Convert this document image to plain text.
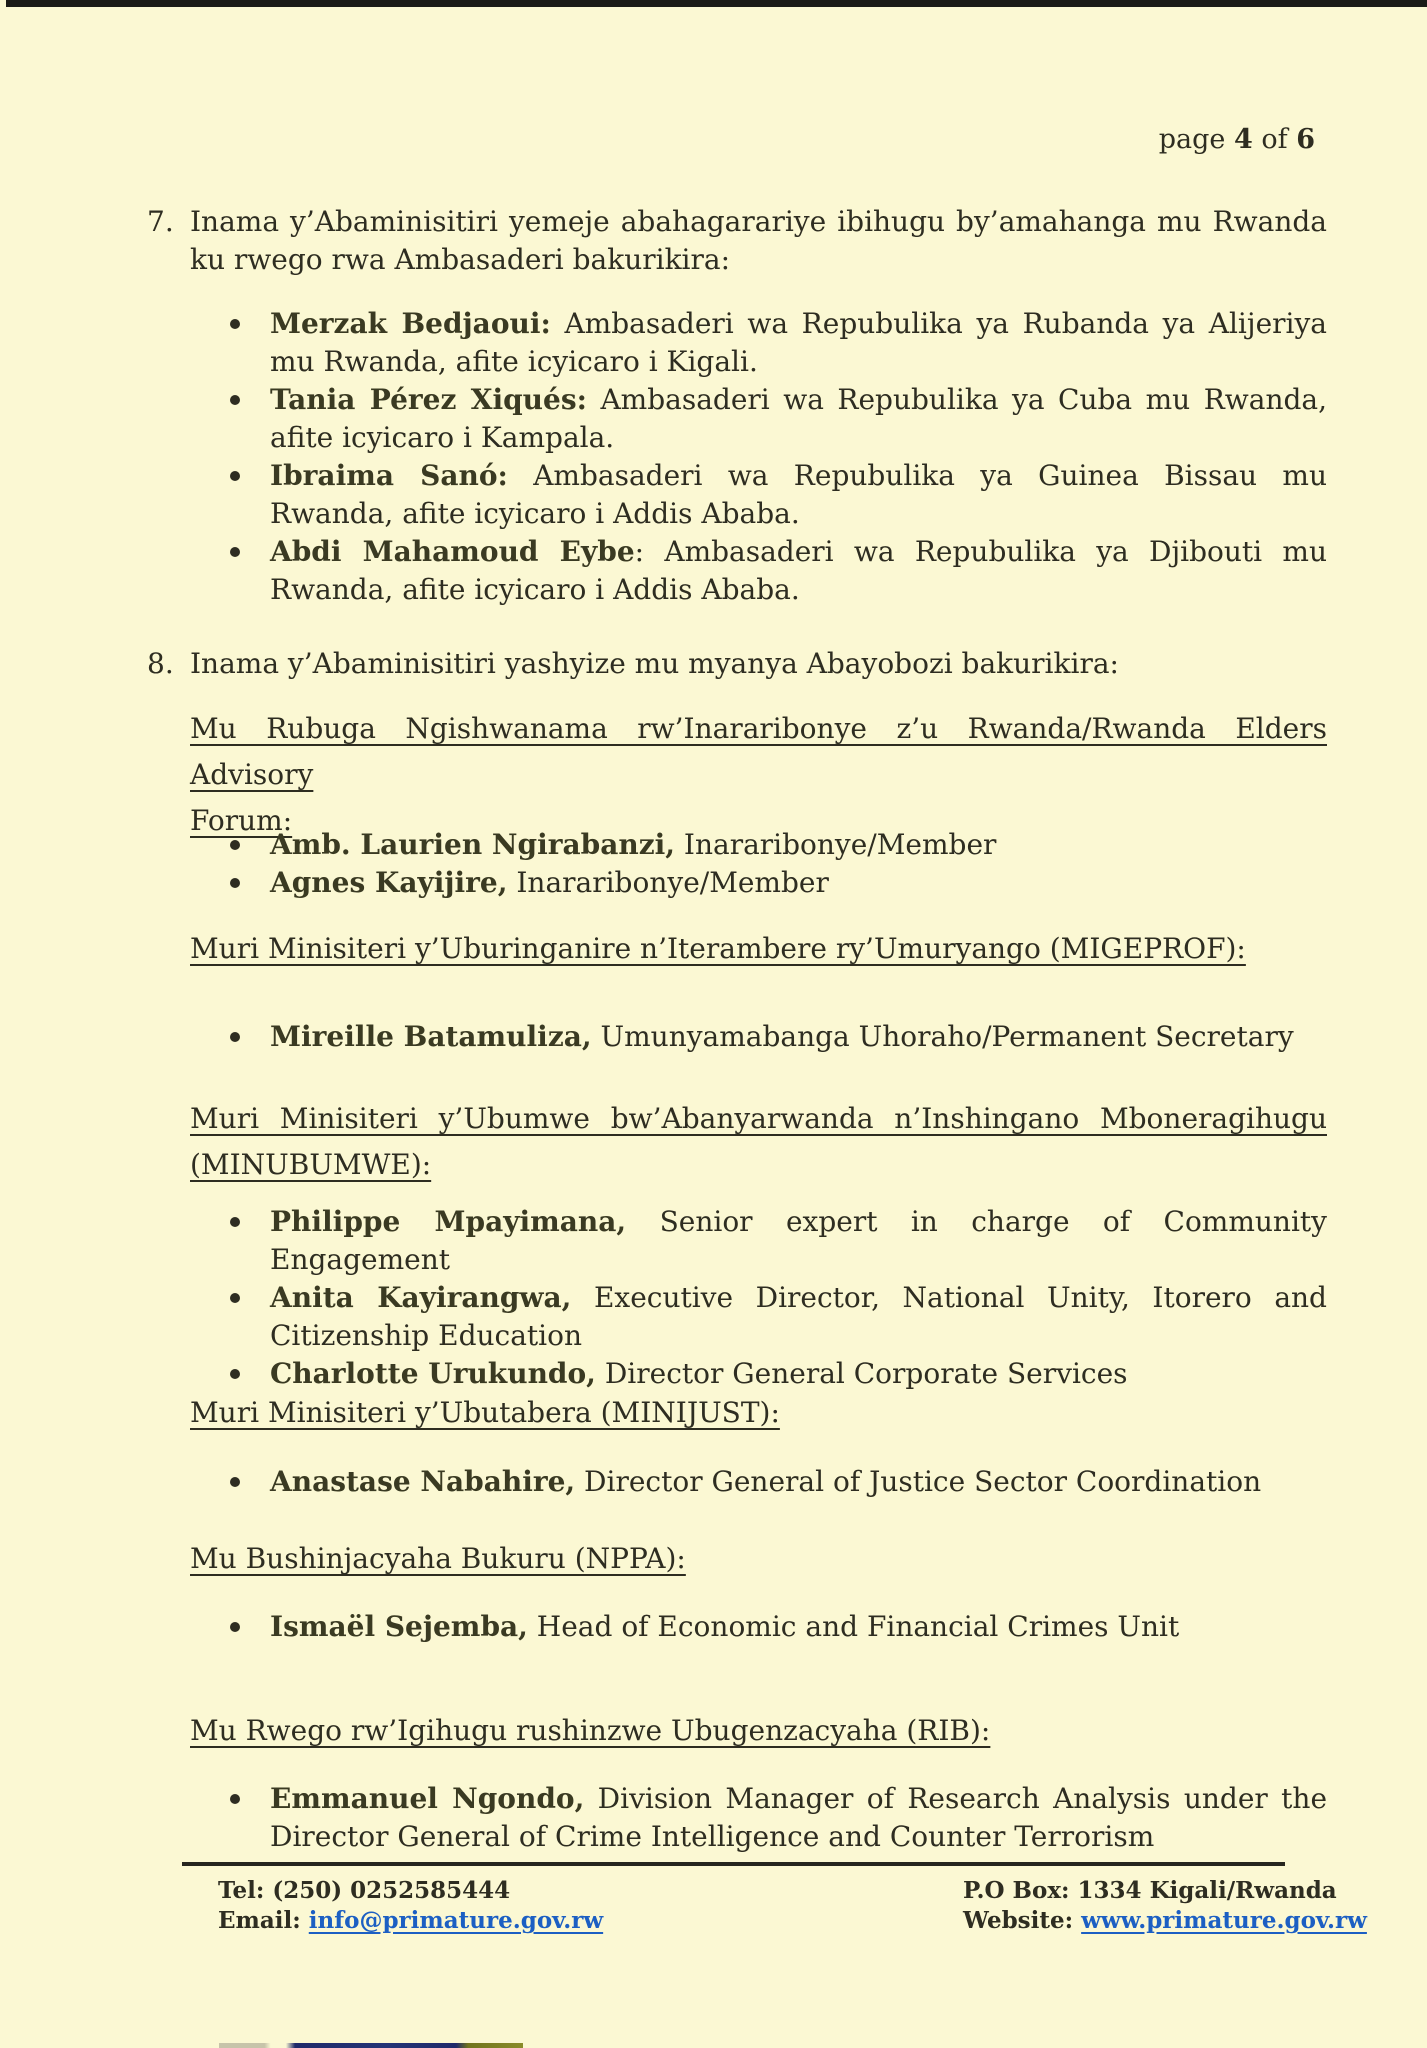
page 4 of 6
7. Inama y’Abaminisitiri yemeje abahagarariye ibihugu by’amahanga mu Rwanda ku rwego rwa Ambasaderi bakurikira:
Merzak Bedjaoui: Ambasaderi wa Repubulika ya Rubanda ya Alijeriya mu Rwanda, afite icyicaro i Kigali.
Tania Pérez Xiqués: Ambasaderi wa Repubulika ya Cuba mu Rwanda, afite icyicaro i Kampala.
Ibraima Sanó: Ambasaderi wa Repubulika ya Guinea Bissau mu Rwanda, afite icyicaro i Addis Ababa.
Abdi Mahamoud Eybe: Ambasaderi wa Repubulika ya Djibouti mu Rwanda, afite icyicaro i Addis Ababa.
8. Inama y’Abaminisitiri yashyize mu myanya Abayobozi bakurikira:
Mu Rubuga Ngishwanama rw’Inararibonye z’u Rwanda/Rwanda Elders Advisory
Forum:
Amb. Laurien Ngirabanzi, Inararibonye/Member
Agnes Kayijire, Inararibonye/Member
Muri Minisiteri y’Uburinganire n’Iterambere ry’Umuryango (MIGEPROF):
Mireille Batamuliza, Umunyamabanga Uhoraho/Permanent Secretary
Muri Minisiteri y’Ubumwe bw’Abanyarwanda n’Inshingano Mboneragihugu
(MINUBUMWE):
Philippe Mpayimana, Senior expert in charge of Community Engagement
Anita Kayirangwa, Executive Director, National Unity, Itorero and Citizenship Education
Charlotte Urukundo, Director General Corporate Services
Muri Minisiteri y’Ubutabera (MINIJUST):
Anastase Nabahire, Director General of Justice Sector Coordination
Mu Bushinjacyaha Bukuru (NPPA):
Ismaël Sejemba, Head of Economic and Financial Crimes Unit
Mu Rwego rw’Igihugu rushinzwe Ubugenzacyaha (RIB):
Emmanuel Ngondo, Division Manager of Research Analysis under the Director General of Crime Intelligence and Counter Terrorism
Tel: (250) 0252585444
Email: info@primature.gov.rw
P.O Box: 1334 Kigali/Rwanda
Website: www.primature.gov.rw
